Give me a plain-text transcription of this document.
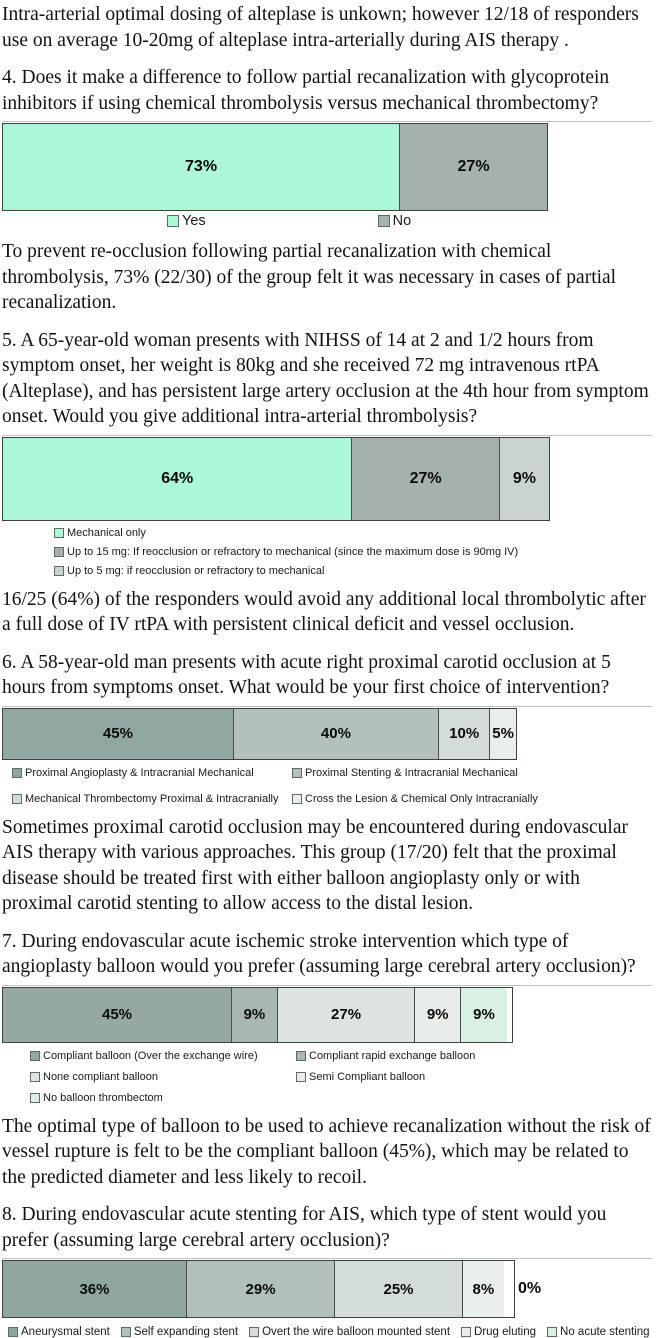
Intra-arterial optimal dosing of alteplase is unkown; however 12/18 of responders use on average 10-20mg of alteplase intra-arterially during AIS therapy .

4. Does it make a difference to follow partial recanalization with glycoprotein inhibitors if using chemical thrombolysis versus mechanical thrombectomy?

73%	27%
Yes	No

To prevent re-occlusion following partial recanalization with chemical thrombolysis, 73% (22/30) of the group felt it was necessary in cases of partial recanalization.

5. A 65-year-old woman presents with NIHSS of 14 at 2 and 1/2 hours from symptom onset, her weight is 80kg and she received 72 mg intravenous rtPA (Alteplase), and has persistent large artery occlusion at the 4th hour from symptom onset. Would you give additional intra-arterial thrombolysis?

64%	27%	9%
Mechanical only
Up to 15 mg: If reocclusion or refractory to mechanical (since the maximum dose is 90mg IV)
Up to 5 mg: if reocclusion or refractory to mechanical

16/25 (64%) of the responders would avoid any additional local thrombolytic after a full dose of IV rtPA with persistent clinical deficit and vessel occlusion.

6. A 58-year-old man presents with acute right proximal carotid occlusion at 5 hours from symptoms onset. What would be your first choice of intervention?

45%	40%	10% 5%
Proximal Angioplasty & Intracranial Mechanical	Proximal Stenting & Intracranial Mechanical
Mechanical Thrombectomy Proximal & Intracranially Cross the Lesion & Chemical Only Intracranially

Sometimes proximal carotid occlusion may be encountered during endovascular AIS therapy with various approaches. This group (17/20) felt that the proximal disease should be treated first with either balloon angioplasty only or with proximal carotid stenting to allow access to the distal lesion.

7. During endovascular acute ischemic stroke intervention which type of angioplasty balloon would you prefer (assuming large cerebral artery occlusion)?

45%	9%	27%	9% 9%
Compliant balloon (Over the exchange wire)	Compliant rapid exchange balloon
None compliant balloon	Semi Compliant balloon
No balloon thrombectom

The optimal type of balloon to be used to achieve recanalization without the risk of vessel rupture is felt to be the compliant balloon (45%), which may be related to the predicted diameter and less likely to recoil.

8. During endovascular acute stenting for AIS, which type of stent would you prefer (assuming large cerebral artery occlusion)?

36%	29%	25%	8% 0%
Aneurysmal stent Self expanding stent Overt the wire balloon mounted stent Drug eluting No acute stenting
